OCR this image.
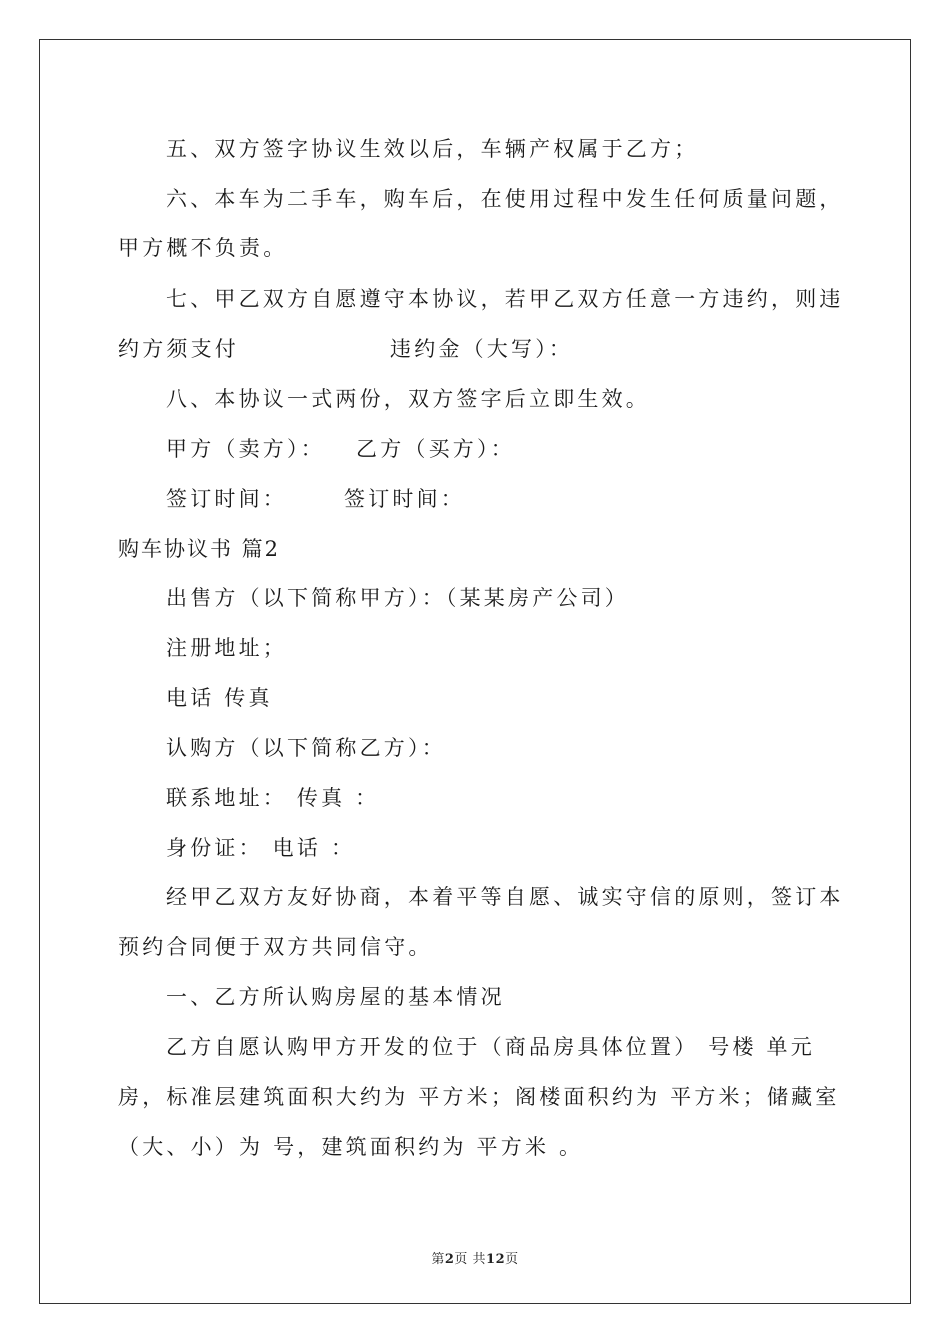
五、双方签字协议生效以后，车辆产权属于乙方；
六、本车为二手车，购车后，在使用过程中发生任何质量问题，
甲方概不负责。
七、甲乙双方自愿遵守本协议，若甲乙双方任意一方违约，则违
约方须支付	违约金（大写）：
八、本协议一式两份，双方签字后立即生效。
甲方（卖方）： 乙方（买方）：
签订时间：	签订时间：
购车协议书 篇2
出售方（以下简称甲方）：（某某房产公司）
注册地址；
电话 传真
认购方（以下简称乙方）：
联系地址： 传真 ：
身份证： 电话 ：
经甲乙双方友好协商，本着平等自愿、诚实守信的原则，签订本
预约合同便于双方共同信守。
一、乙方所认购房屋的基本情况
乙方自愿认购甲方开发的位于（商品房具体位置） 号楼 单元
房，标准层建筑面积大约为 平方米；阁楼面积约为 平方米；储藏室
（大、小）为 号，建筑面积约为 平方米 。
第2页 共12页
